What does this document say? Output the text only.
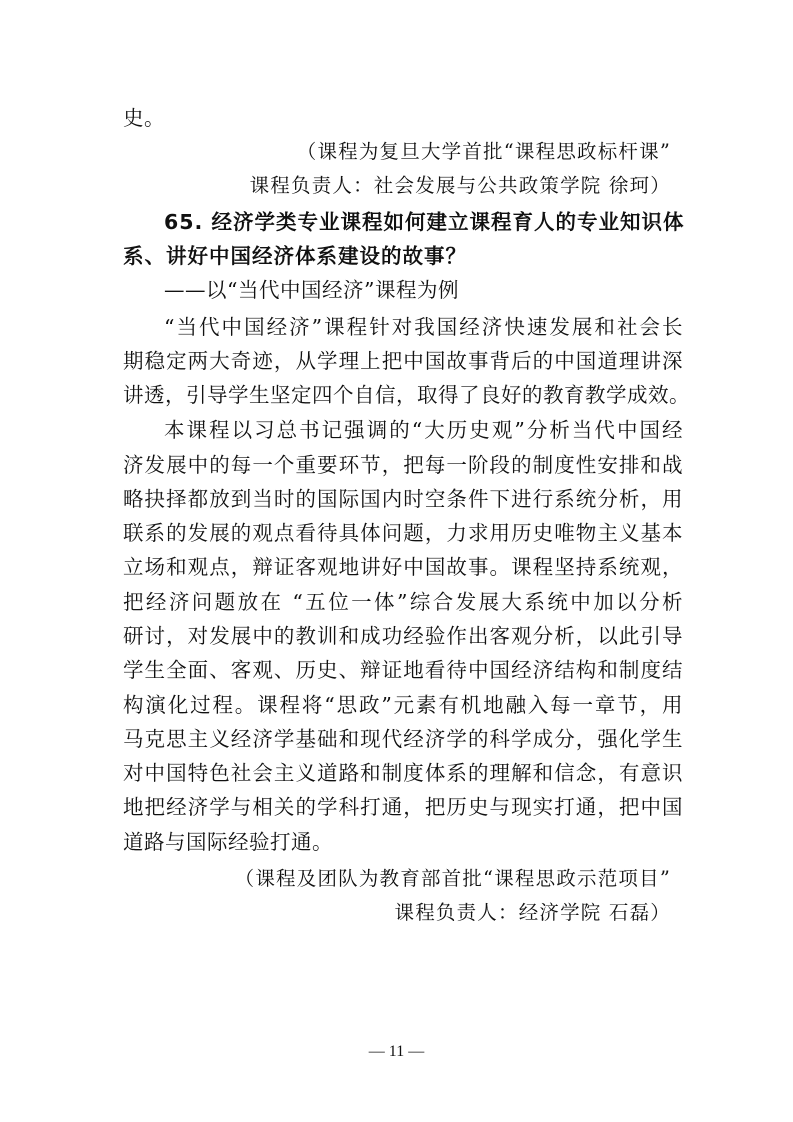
史。
（课程为复旦大学首批“课程思政标杆课”
课程负责人：社会发展与公共政策学院 徐珂）
65. 经济学类专业课程如何建立课程育人的专业知识体
系、讲好中国经济体系建设的故事？
——以“当代中国经济”课程为例
“当代中国经济”课程针对我国经济快速发展和社会长
期稳定两大奇迹，从学理上把中国故事背后的中国道理讲深
讲透，引导学生坚定四个自信，取得了良好的教育教学成效。
本课程以习总书记强调的“大历史观”分析当代中国经
济发展中的每一个重要环节，把每一阶段的制度性安排和战
略抉择都放到当时的国际国内时空条件下进行系统分析，用
联系的发展的观点看待具体问题，力求用历史唯物主义基本
立场和观点，辩证客观地讲好中国故事。课程坚持系统观，
把经济问题放在 “五位一体”综合发展大系统中加以分析
研讨，对发展中的教训和成功经验作出客观分析，以此引导
学生全面、客观、历史、辩证地看待中国经济结构和制度结
构演化过程。课程将“思政”元素有机地融入每一章节，用
马克思主义经济学基础和现代经济学的科学成分，强化学生
对中国特色社会主义道路和制度体系的理解和信念，有意识
地把经济学与相关的学科打通，把历史与现实打通，把中国
道路与国际经验打通。
（课程及团队为教育部首批“课程思政示范项目”
课程负责人：经济学院 石磊）
— 11 —
